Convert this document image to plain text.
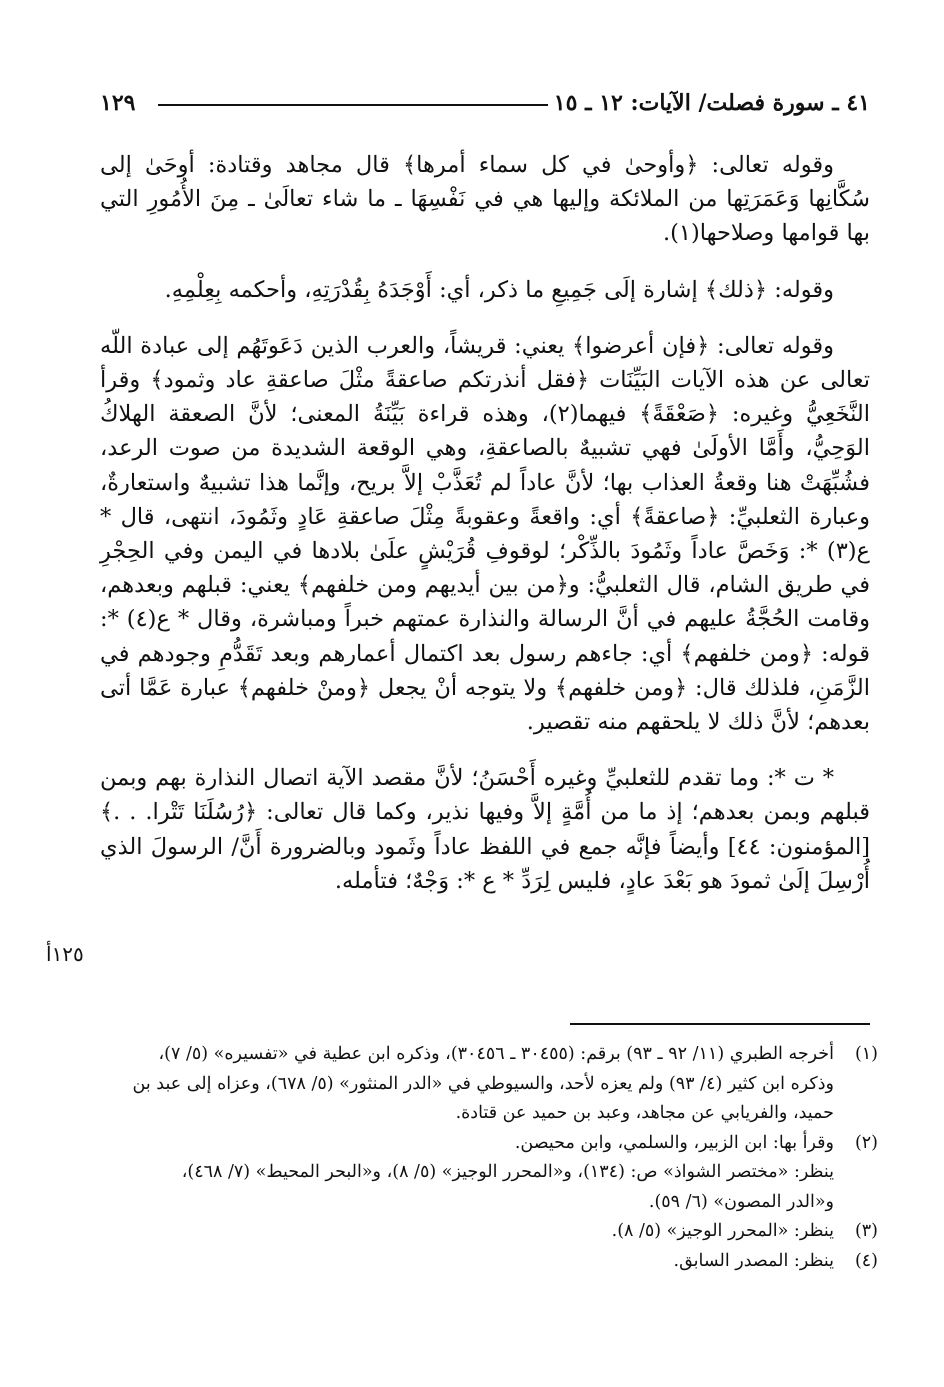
٤١ ـ سورة فصلت/ الآيات: ١٢ ـ ١٥
١٢٩

وقوله تعالى: ﴿وأوحىٰ في كل سماء أمرها﴾ قال مجاهد وقتادة: أوحَىٰ إلى سُكَّانِها وَعَمَرَتِها من الملائكة وإليها هي في نَفْسِهَا ـ ما شاء تعالَىٰ ـ مِنَ الأُمُورِ التي بها قوامها وصلاحها(١).

وقوله: ﴿ذلك﴾ إشارة إلَى جَمِيعِ ما ذكر، أي: أَوْجَدَهُ بِقُدْرَتِهِ، وأحكمه بِعِلْمِهِ.

وقوله تعالى: ﴿فإن أعرضوا﴾ يعني: قريشاً، والعرب الذين دَعَوتَهُم إلى عبادة اللّه تعالى عن هذه الآيات البَيِّنَات ﴿فقل أنذرتكم صاعقةً مثْلَ صاعقةِ عاد وثمود﴾ وقرأ النَّخَعِيُّ وغيره: ﴿صَعْقَةً﴾ فيهما(٢)، وهذه قراءة بَيِّنَةُ المعنى؛ لأنَّ الصعقة الهلاكُ الوَحِيُّ، وأَمَّا الأولَىٰ فهي تشبيهٌ بالصاعقةِ، وهي الوقعة الشديدة من صوت الرعد، فشُبِّهَتْ هنا وقعةُ العذاب بها؛ لأنَّ عاداً لم تُعَذَّبْ إلاَّ بريح، وإنَّما هذا تشبيهٌ واستعارةٌ، وعبارة الثعلبيِّ: ﴿صاعقةً﴾ أي: واقعةً وعقوبةً مِثْلَ صاعقةِ عَادٍ وثَمُودَ، انتهى، قال * ع(٣) *: وَخَصَّ عاداً وثَمُودَ بالذِّكْر؛ لوقوفِ قُرَيْشٍ علَىٰ بلادها في اليمن وفي الحِجْرِ في طريق الشام، قال الثعلبيُّ: و﴿من بين أيديهم ومن خلفهم﴾ يعني: قبلهم وبعدهم، وقامت الحُجَّةُ عليهم في أنَّ الرسالة والنذارة عمتهم خبراً ومباشرة، وقال * ع(٤) *: قوله: ﴿ومن خلفهم﴾ أي: جاءهم رسول بعد اكتمال أعمارهم وبعد تَقَدُّمِ وجودهم في الزَّمَنِ، فلذلك قال: ﴿ومن خلفهم﴾ ولا يتوجه أنْ يجعل ﴿ومنْ خلفهم﴾ عبارة عَمَّا أتى بعدهم؛ لأنَّ ذلك لا يلحقهم منه تقصير.

* ت *: وما تقدم للثعلبيِّ وغيره أَحْسَنُ؛ لأنَّ مقصد الآية اتصال النذارة بهم وبمن قبلهم وبمن بعدهم؛ إذ ما من أُمَّةٍ إلاَّ وفيها نذير، وكما قال تعالى: ﴿رُسُلَنَا تَتْرا. . .﴾ [المؤمنون: ٤٤] وأيضاً فإنَّه جمع في اللفظ عاداً وثَمود وبالضرورة أَنَّ/ الرسولَ الذي أُرْسِلَ إلَىٰ ثمودَ هو بَعْدَ عادٍ، فليس لِرَدِّ * ع *: وَجْهٌ؛ فتأمله.

١٢٥أ
(١)
أخرجه الطبري (١١/ ٩٢ ـ ٩٣) برقم: (٣٠٤٥٥ ـ ٣٠٤٥٦)، وذكره ابن عطية في «تفسيره» (٥/ ٧)،
وذكره ابن كثير (٤/ ٩٣) ولم يعزه لأحد، والسيوطي في «الدر المنثور» (٥/ ٦٧٨)، وعزاه إلى عبد بن
حميد، والفريابي عن مجاهد، وعبد بن حميد عن قتادة.
(٢)
وقرأ بها: ابن الزبير، والسلمي، وابن محيصن.
ينظر: «مختصر الشواذ» ص: (١٣٤)، و«المحرر الوجيز» (٥/ ٨)، و«البحر المحيط» (٧/ ٤٦٨)،
و«الدر المصون» (٦/ ٥٩).
(٣)
ينظر: «المحرر الوجيز» (٥/ ٨).
(٤)
ينظر: المصدر السابق.
